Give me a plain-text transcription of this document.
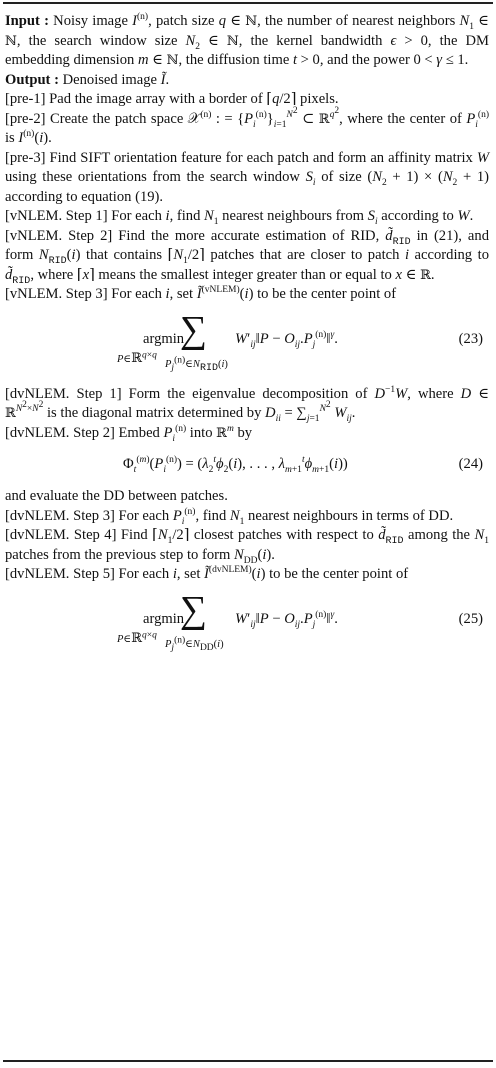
Input : Noisy image $I^{(n)}$, patch size q ∈ ℕ, the number of nearest neighbors $N_1$ ∈ ℕ, the search window size $N_2$ ∈ ℕ, the kernel bandwidth ϵ > 0, the DM embedding dimension m ∈ ℕ, the diffusion time t > 0, and the power 0 < γ ≤ 1.
Output : Denoised image Ĩ.
[pre-1] Pad the image array with a border of ⌈q/2⌉ pixels.
[pre-2] Create the patch space 𝒳$^{(n)}$ : = $\{P_i^{(n)}\}_{i=1}^{N^2}$ ⊂ ℝ$^{q^2}$, where the center of $P_i^{(n)}$ is $I^{(n)}(i)$.
[pre-3] Find SIFT orientation feature for each patch and form an affinity matrix W using these orientations from the search window $S_i$ of size $(N_2 + 1) \times (N_2 + 1)$ according to equation (19).
[vNLEM. Step 1] For each i, find $N_1$ nearest neighbours from $S_i$ according to W.
[vNLEM. Step 2] Find the more accurate estimation of RID, $d̃_{RID}$ in (21), and form $N_{RID}(i)$ that contains $⌈N_1/2⌉$ patches that are closer to patch i according to $d̃_{RID}$, where ⌈x⌉ means the smallest integer greater than or equal to x ∈ ℝ.
[vNLEM. Step 3] For each i, set $Ĩ^{(vNLEM)}(i)$ to be the center point of
argmin
P∈ℝ$^{q\times q}$
∑
$P_j^{(n)}\in N_{RID}(i)$
$W'_{ij}‖P$ − $O_{ij}.P_j^{(n)}‖^\gamma$.	(23)
[dvNLEM. Step 1] Form the eigenvalue decomposition of $D^{-1}W$, where D ∈ ℝ$^{N^2\times N^2}$ is the diagonal matrix determined by $D_{ii} = \sum_{j=1}^{N^2}$ $W_{ij}$.
[dvNLEM. Step 2] Embed $P_i^{(n)}$ into ℝ$^m$ by
$\Phi_t^{(m)}(P_i^{(n)}) = (\lambda_2^t\phi_2(i)$, . . . , $\lambda_{m+1}^t\phi_{m+1}(i)$)	(24)
and evaluate the DD between patches.
[dvNLEM. Step 3] For each $P_i^{(n)}$, find $N_1$ nearest neighbours in terms of DD.
[dvNLEM. Step 4] Find $⌈N_1/2⌉$ closest patches with respect to $d̃_{RID}$ among the $N_1$ patches from the previous step to form $N_{DD}(i)$.
[dvNLEM. Step 5] For each i, set $Ĩ^{(dvNLEM)}(i)$ to be the center point of
argmin
P∈ℝ$^{q\times q}$
∑
$P_j^{(n)}\in N_{DD}(i)$
$W'_{ij}‖P$ − $O_{ij}.P_j^{(n)}‖^\gamma$.	(25)
